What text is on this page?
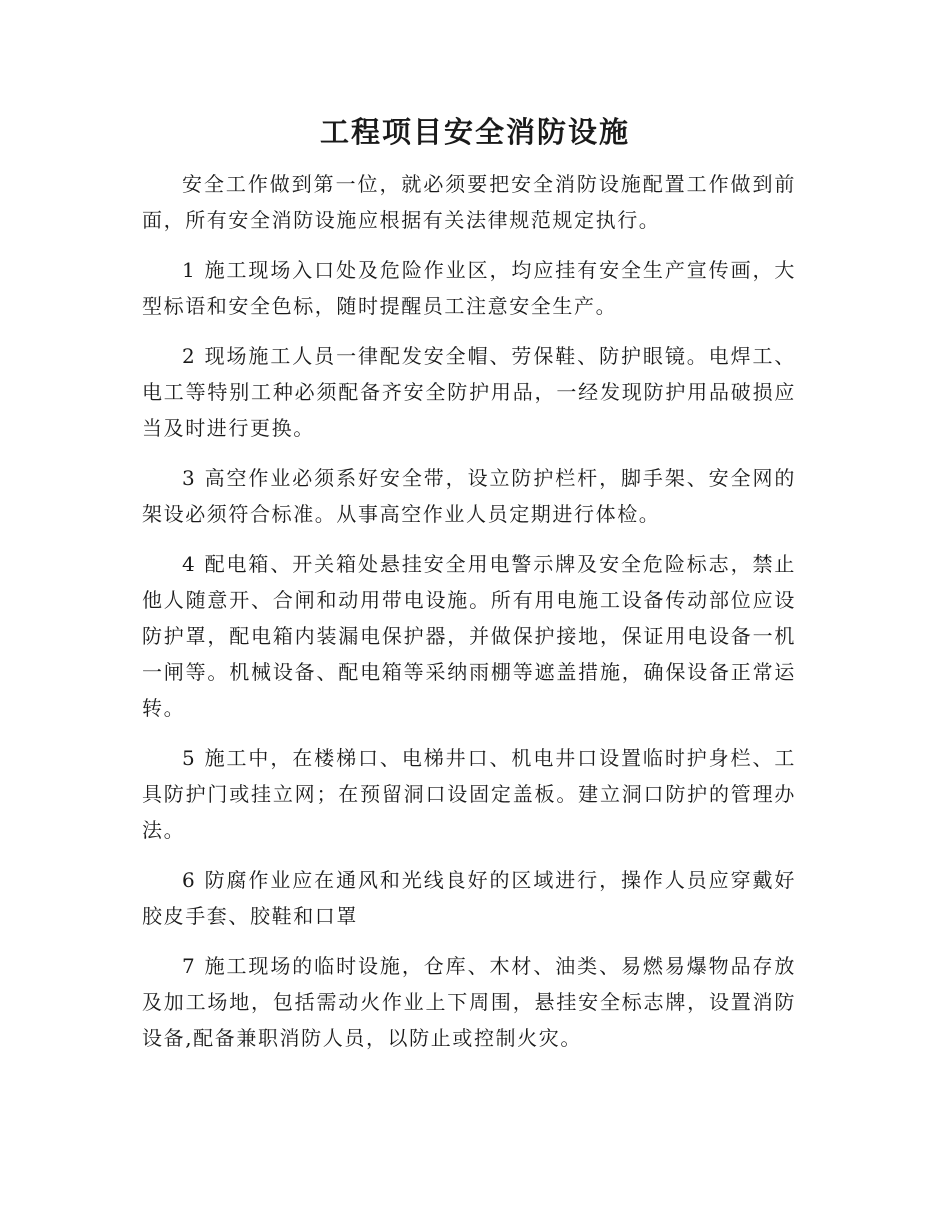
工程项目安全消防设施

安全工作做到第一位，就必须要把安全消防设施配置工作做到前面，所有安全消防设施应根据有关法律规范规定执行。

1 施工现场入口处及危险作业区，均应挂有安全生产宣传画，大型标语和安全色标，随时提醒员工注意安全生产。

2 现场施工人员一律配发安全帽、劳保鞋、防护眼镜。电焊工、电工等特别工种必须配备齐安全防护用品，一经发现防护用品破损应当及时进行更换。

3 高空作业必须系好安全带，设立防护栏杆，脚手架、安全网的架设必须符合标准。从事高空作业人员定期进行体检。

4 配电箱、开关箱处悬挂安全用电警示牌及安全危险标志，禁止他人随意开、合闸和动用带电设施。所有用电施工设备传动部位应设防护罩，配电箱内装漏电保护器，并做保护接地，保证用电设备一机一闸等。机械设备、配电箱等采纳雨棚等遮盖措施，确保设备正常运转。

5 施工中，在楼梯口、电梯井口、机电井口设置临时护身栏、工具防护门或挂立网；在预留洞口设固定盖板。建立洞口防护的管理办法。

6 防腐作业应在通风和光线良好的区域进行，操作人员应穿戴好胶皮手套、胶鞋和口罩

7 施工现场的临时设施，仓库、木材、油类、易燃易爆物品存放及加工场地，包括需动火作业上下周围，悬挂安全标志牌，设置消防设备,配备兼职消防人员，以防止或控制火灾。
